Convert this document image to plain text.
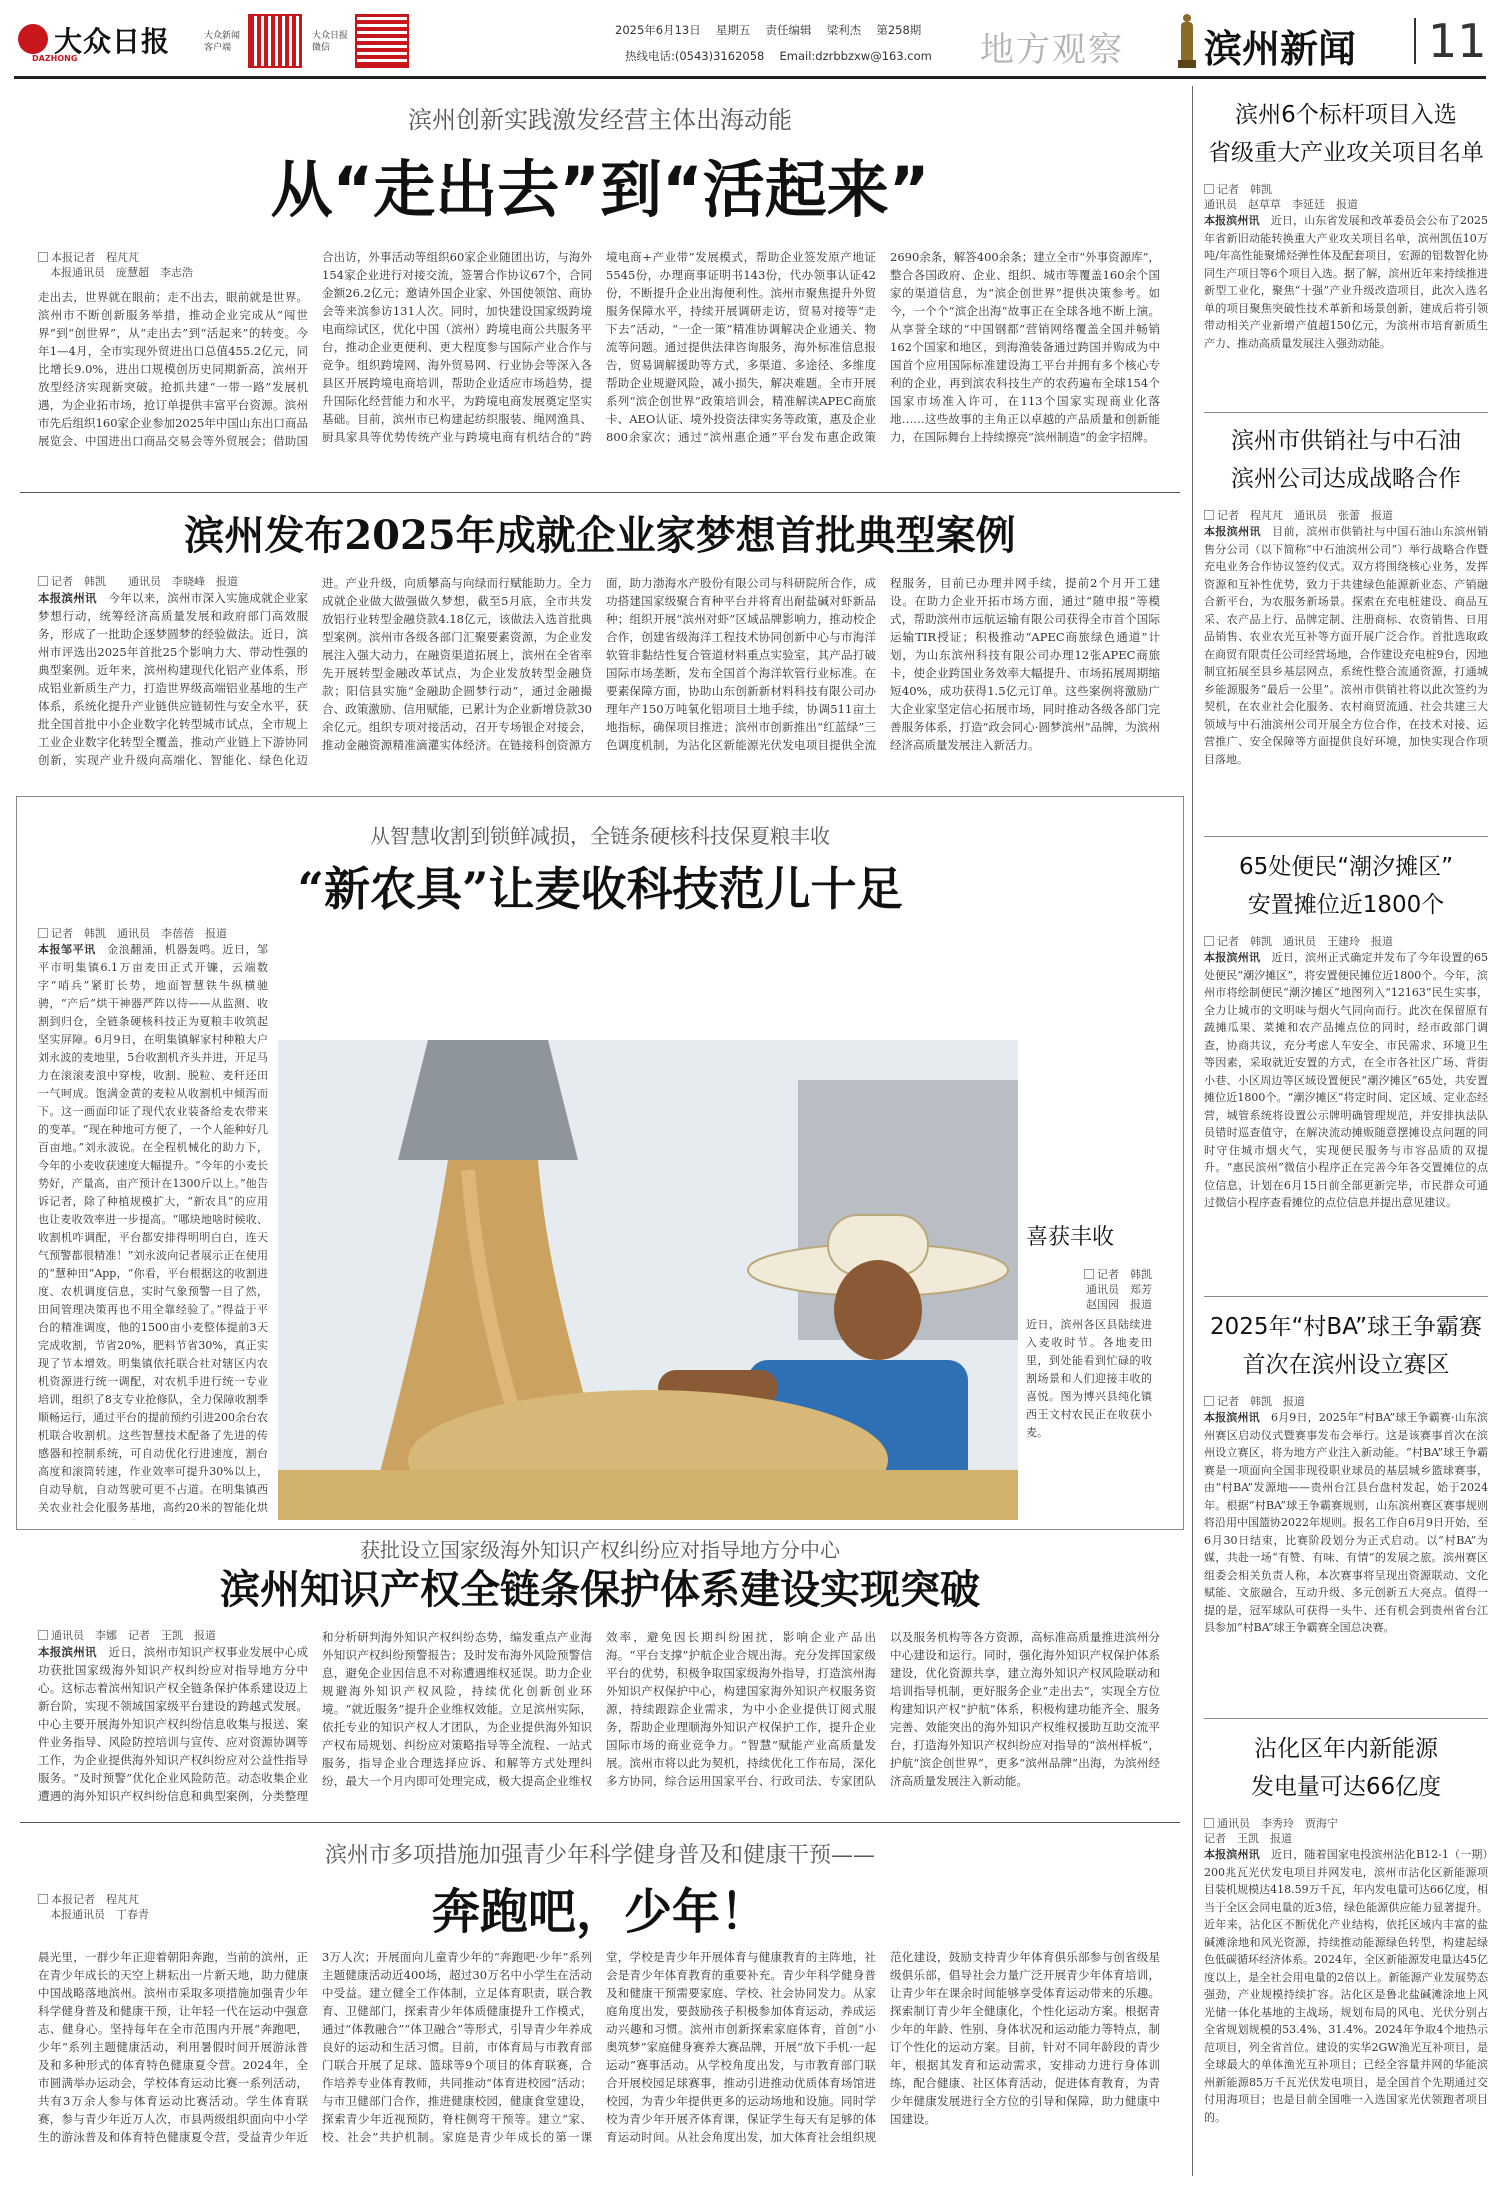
大众日报
DAZHONG
大众新闻
客户端
大众日报
微信
2025年6月13日　 星期五　 责任编辑　 梁利杰　 第258期
热线电话:(0543)3162058　 Email:dzrbbzxw@163.com 地方观察 滨州新闻 11
滨州创新实践激发经营主体出海动能
从“走出去”到“活起来”
本报记者　程芃芃
本报通讯员　庞慧超　李志浩
走出去，世界就在眼前；走不出去，眼前就是世界。滨州市不断创新服务举措，推动企业完成从“闯世界”到“创世界”，从“走出去”到“活起来”的转变。今年1—4月，全市实现外贸进出口总值455.2亿元，同比增长9.0%，进出口规模创历史同期新高，滨州开放型经济实现新突破。抢抓共建“一带一路”发展机遇，为企业拓市场，抢订单提供丰富平台资源。滨州市先后组织160家企业参加2025年中国山东出口商品展览会、中国进出口商品交易会等外贸展会；借助国合出访，外事活动等组织60家企业随团出访，与海外154家企业进行对接交流，签署合作协议67个，合同金额26.2亿元；邀请外国企业家、外国使领馆、商协会等来滨参访131人次。同时，加快建设国家级跨境电商综试区，优化中国（滨州）跨境电商公共服务平台，推动企业更便利、更大程度参与国际产业合作与竞争。组织跨境网、海外贸易网、行业协会等深入各县区开展跨境电商培训，帮助企业适应市场趋势，提升国际化经营能力和水平，为跨境电商发展奠定坚实基础。目前，滨州市已构建起纺织服装、绳网渔具、厨具家具等优势传统产业与跨境电商有机结合的“跨境电商+产业带”发展模式，帮助企业签发原产地证5545份，办理商事证明书143份，代办领事认证42份，不断提升企业出海便利性。滨州市聚焦提升外贸服务保障水平，持续开展调研走访，贸易对接等“走下去”活动，“一企一策”精准协调解决企业通关、物流等问题。通过提供法律咨询服务，海外标准信息报告，贸易调解援助等方式，多渠道、多途径、多维度帮助企业规避风险，减小损失，解决难题。全市开展系列“滨企创世界”政策培训会，精准解读APEC商旅卡、AEO认证、境外投资法律实务等政策，惠及企业800余家次；通过“滨州惠企通”平台发布惠企政策2690余条，解答400余条；建立全市“外事资源库”，整合各国政府、企业、组织、城市等覆盖160余个国家的渠道信息，为“滨企创世界”提供决策参考。如今，一个个“滨企出海”故事正在全球各地不断上演。从享誉全球的“中国钢都”营销网络覆盖全国并畅销162个国家和地区，到海渔装备通过跨国并购成为中国首个应用国际标准建设海工平台并拥有多个核心专利的企业，再到滨农科技生产的农药遍布全球154个国家市场准入许可，在113个国家实现商业化落地……这些故事的主角正以卓越的产品质量和创新能力，在国际舞台上持续擦亮“滨州制造”的金字招牌。
滨州发布2025年成就企业家梦想首批典型案例
记者　韩凯　　通讯员　李晓峰　报道
本报滨州讯　 今年以来，滨州市深入实施成就企业家梦想行动，统筹经济高质量发展和政府部门高效服务，形成了一批助企逐梦圆梦的经验做法。近日，滨州市评选出2025年首批25个影响力大、带动性强的典型案例。近年来，滨州构建现代化铝产业体系，形成铝业新质生产力，打造世界级高端铝业基地的生产体系，系统化提升产业链供应链韧性与安全水平，获批全国首批中小企业数字化转型城市试点，全市规上工业企业数字化转型全覆盖，推动产业链上下游协同创新，实现产业升级向高端化、智能化、绿色化迈进。产业升级，向质攀高与向绿而行赋能助力。全力成就企业做大做强做久梦想，截至5月底，全市共发放铝行业转型金融贷款4.18亿元，该做法入选首批典型案例。滨州市各级各部门汇聚要素资源，为企业发展注入强大动力，在融资渠道拓展上，滨州在全省率先开展转型金融改革试点，为企业发放转型金融贷款；阳信县实施“金融助企圆梦行动”，通过金融撮合、政策激励、信用赋能，已累计为企业新增贷款30余亿元。组织专项对接活动，召开专场银企对接会，推动金融资源精准滴灌实体经济。在链接科创资源方面，助力渤海水产股份有限公司与科研院所合作，成功搭建国家级聚合育种平台并将育出耐盐碱对虾新品种；组织开展“滨州对虾”区域品牌影响力，推动校企合作，创建省级海洋工程技术协同创新中心与市海洋软管非黏结性复合管道材料重点实验室，其产品打破国际市场垄断，发布全国首个海洋软管行业标准。在要素保障方面，协助山东创新新材料科技有限公司办理年产150万吨氧化铝项目土地手续，协调511亩土地指标，确保项目推进；滨州市创新推出“红蓝绿”三色调度机制，为沾化区新能源光伏发电项目提供全流程服务，目前已办理并网手续，提前2个月开工建设。在助力企业开拓市场方面，通过“随申报”等模式，帮助滨州市远航运输有限公司获得全市首个国际运输TIR授证；积极推动“APEC商旅绿色通道”计划，为山东滨州科技有限公司办理12张APEC商旅卡，使企业跨国业务效率大幅提升、市场拓展周期缩短40%，成功获得1.5亿元订单。这些案例将激励广大企业家坚定信心拓展市场，同时推动各级各部门完善服务体系，打造“政会同心·圆梦滨州”品牌，为滨州经济高质量发展注入新活力。
从智慧收割到锁鲜减损，全链条硬核科技保夏粮丰收
“新农具”让麦收科技范儿十足
记者　韩凯　通讯员　李蓓蓓　报道
本报邹平讯　 金浪翻涌，机器轰鸣。近日，邹平市明集镇6.1万亩麦田正式开镰，云端数字“哨兵”紧盯长势，地面智慧铁牛纵横驰骋，“产后”烘干神器严阵以待——从监测、收割到归仓，全链条硬核科技正为夏粮丰收筑起坚实屏障。6月9日，在明集镇解家村种粮大户刘永波的麦地里，5台收割机齐头并进，开足马力在滚滚麦浪中穿梭，收割、脱粒、麦秆还田一气呵成。饱满金黄的麦粒从收割机中倾泻而下。这一画面印证了现代农业装备给麦农带来的变革。“现在种地可方便了，一个人能种好几百亩地。”刘永波说。在全程机械化的助力下，今年的小麦收获速度大幅提升。“今年的小麦长势好，产量高，亩产预计在1300斤以上。”他告诉记者，除了种植规模扩大，“新农具”的应用也让麦收效率进一步提高。“哪块地啥时候收、收割机咋调配，平台都安排得明明白白，连天气预警都很精准！”刘永波向记者展示正在使用的“慧种田”App，“你看，平台根据这的收割进度、农机调度信息，实时气象预警一目了然，田间管理决策再也不用全靠经验了。”得益于平台的精准调度，他的1500亩小麦整体提前3天完成收割，节省20%，肥料节省30%，真正实现了节本增效。明集镇依托联合社对辖区内农机资源进行统一调配，对农机手进行统一专业培训，组织了8支专业抢修队，全力保障收割季顺畅运行，通过平台的提前预约引进200余台农机联合收割机。这些智慧技术配备了先进的传感器和控制系统，可自动优化行进速度，割台高度和滚筒转速，作业效率可提升30%以上，自动导航，自动驾驶可更不占道。在明集镇西关农业社会化服务基地，高约20米的智能化烘
喜获丰收
记者　韩凯
通讯员　郑芳
赵国园　报道
近日，滨州各区县陆续进入麦收时节。各地麦田里，到处能看到忙碌的收割场景和人们迎接丰收的喜悦。图为博兴县纯化镇西王文村农民正在收获小麦。
获批设立国家级海外知识产权纠纷应对指导地方分中心
滨州知识产权全链条保护体系建设实现突破
通讯员　李娜　记者　王凯　报道
本报滨州讯　 近日，滨州市知识产权事业发展中心成功获批国家级海外知识产权纠纷应对指导地方分中心。这标志着滨州知识产权全链条保护体系建设迈上新台阶，实现不领域国家级平台建设的跨越式发展。中心主要开展海外知识产权纠纷信息收集与报送、案件业务指导、风险防控培训与宣传、应对资源协调等工作，为企业提供海外知识产权纠纷应对公益性指导服务。“及时预警”优化企业风险防范。动态收集企业遭遇的海外知识产权纠纷信息和典型案例，分类整理和分析研判海外知识产权纠纷态势，编发重点产业海外知识产权纠纷预警报告；及时发布海外风险预警信息，避免企业因信息不对称遭遇维权延误。助力企业规避海外知识产权风险，持续优化创新创业环境。“就近服务”提升企业维权效能。立足滨州实际，依托专业的知识产权人才团队，为企业提供海外知识产权布局规划、纠纷应对策略指导等全流程、一站式服务，指导企业合理选择应诉、和解等方式处理纠纷，最大一个月内即可处理完成，极大提高企业维权效率，避免因长期纠纷困扰，影响企业产品出海。“平台支撑”护航企业合规出海。充分发挥国家级平台的优势，积极争取国家级海外指导，打造滨州海外知识产权保护中心，构建国家海外知识产权服务资源，持续跟踪企业需求，为中小企业提供订阅式服务，帮助企业理顺海外知识产权保护工作，提升企业国际市场的商业竞争力。“智慧”赋能产业高质量发展。滨州市将以此为契机，持续优化工作布局，深化多方协同，综合运用国家平台、行政司法、专家团队以及服务机构等各方资源，高标准高质量推进滨州分中心建设和运行。同时，强化海外知识产权保护体系建设，优化资源共享，建立海外知识产权风险联动和培训指导机制，更好服务企业“走出去”，实现全方位构建知识产权“护航”体系，积极构建功能齐全、服务完善、效能突出的海外知识产权维权援助互助交流平台，打造海外知识产权纠纷应对指导的“滨州样板”，护航“滨企创世界”，更多“滨州品牌”出海，为滨州经济高质量发展注入新动能。
滨州市多项措施加强青少年科学健身普及和健康干预——
奔跑吧，少年！
本报记者　程芃芃
本报通讯员　丁春青
晨光里，一群少年正迎着朝阳奔跑，当前的滨州，正在青少年成长的天空上耕耘出一片新天地，助力健康中国战略落地滨州。滨州市采取多项措施加强青少年科学健身普及和健康干预，让年轻一代在运动中强意志、健身心。坚持每年在全市范围内开展“奔跑吧，少年”系列主题健康活动，利用暑假时间开展游泳普及和多种形式的体育特色健康夏令营。2024年，全市圆满举办运动会，学校体育运动比赛一系列活动，共有3万余人参与体育运动比赛活动。学生体育联赛，参与青少年近万人次，市县两级组织面向中小学生的游泳普及和体育特色健康夏令营，受益青少年近3万人次；开展面向儿童青少年的“奔跑吧·少年”系列主题健康活动近400场，超过30万名中小学生在活动中受益。建立健全工作体制，立足体育职责，联合教育、卫健部门，探索青少年体质健康提升工作模式，通过“体教融合”“体卫融合”等形式，引导青少年养成良好的运动和生活习惯。目前，市体育局与市教育部门联合开展了足球、篮球等9个项目的体育联赛，合作培养专业体育教师，共同推动“体育进校园”活动；与市卫健部门合作，推进健康校园，健康食堂建设，探索青少年近视预防，脊柱侧弯干预等。建立“家、校、社会”共护机制。家庭是青少年成长的第一课堂，学校是青少年开展体育与健康教育的主阵地，社会是青少年体育教育的重要补充。青少年科学健身普及和健康干预需要家庭、学校、社会协同发力。从家庭角度出发，要鼓励孩子积极参加体育运动，养成运动兴趣和习惯。滨州市创新探索家庭体育，首创“小奥筑梦”家庭健身赛养大赛品牌，开展“放下手机·一起运动”赛事活动。从学校角度出发，与市教育部门联合开展校园足球赛事，推动引进推动优质体育场馆进校园，为青少年提供更多的运动场地和设施。同时学校为青少年开展齐体育课，保证学生每天有足够的体育运动时间。从社会角度出发，加大体育社会组织规范化建设，鼓励支持青少年体育俱乐部参与创省级星级俱乐部，倡导社会力量广泛开展青少年体育培训，让青少年在课余时间能够享受体育运动带来的乐趣。探索制订青少年全健康化，个性化运动方案。根据青少年的年龄、性别、身体状况和运动能力等特点，制订个性化的运动方案。目前，针对不同年龄段的青少年，根据其发育和运动需求，安排动力进行身体训练，配合健康、社区体育活动，促进体育教育，为青少年健康发展进行全方位的引导和保障，助力健康中国建设。
滨州6个标杆项目入选
省级重大产业攻关项目名单
记者　韩凯
通讯员　赵草草　李延廷　报道
本报滨州讯　 近日，山东省发展和改革委员会公布了2025年省新旧动能转换重大产业攻关项目名单，滨州凯伍10万吨/年高性能聚烯烃弹性体及配套项目，宏源的铝数智化协同生产项目等6个项目入选。据了解，滨州近年来持续推进新型工业化，聚焦“十强”产业升级改造项目，此次入选名单的项目聚焦突破性技术革新和场景创新，建成后将引领带动相关产业新增产值超150亿元，为滨州市培育新质生产力、推动高质量发展注入强劲动能。
滨州市供销社与中石油
滨州公司达成战略合作
记者　程芃芃　通讯员　张蕾　报道
本报滨州讯　 目前，滨州市供销社与中国石油山东滨州销售分公司（以下简称“中石油滨州公司”）举行战略合作暨充电业务合作协议签约仪式。双方将围绕核心业务，发挥资源和互补性优势，致力于共建绿色能源新业态、产销融合新平台，为农服务新场景。探索在充电桩建设、商品互采、农产品上行、品牌定制、注册商标、农资销售、日用品销售、农业农光互补等方面开展广泛合作。首批选取政在商贸有限责任公司经营场地，合作建设充电桩9台，因地制宜拓展至县乡基层网点，系统性整合流通资源，打通城乡能源服务“最后一公里”。滨州市供销社将以此次签约为契机，在农业社会化服务、农村商贸流通、社会共建三大领域与中石油滨州公司开展全方位合作，在技术对接、运营推广、安全保障等方面提供良好环境，加快实现合作项目落地。
65处便民“潮汐摊区”
安置摊位近1800个
记者　韩凯　通讯员　王建玲　报道
本报滨州讯　 近日，滨州正式确定并发布了今年设置的65处便民“潮汐摊区”，将安置便民摊位近1800个。今年，滨州市将绘制便民“潮汐摊区”地图列入“12163”民生实事，全力让城市的文明味与烟火气同向而行。此次在保留原有蔬摊瓜果、菜摊和农产品摊点位的同时，经市政部门调查，协商共议，充分考虑人车安全、市民需求、环境卫生等因素，采取就近安置的方式，在全市各社区广场、背街小巷、小区周边等区域设置便民“潮汐摊区”65处，共安置摊位近1800个。“潮汐摊区”将定时间、定区域、定业态经营，城管系统将设置公示牌明确管理规范，并安排执法队员错时巡查值守，在解决流动摊贩随意摆摊设点问题的同时守住城市烟火气，实现便民服务与市容品质的双提升。“惠民滨州”微信小程序正在完善今年各交置摊位的点位信息，计划在6月15日前全部更新完毕，市民群众可通过微信小程序查看摊位的点位信息并提出意见建议。
2025年“村BA”球王争霸赛
首次在滨州设立赛区
记者　韩凯　报道
本报滨州讯　 6月9日，2025年“村BA”球王争霸赛·山东滨州赛区启动仪式暨赛事发布会举行。这是该赛事首次在滨州设立赛区，将为地方产业注入新动能。“村BA”球王争霸赛是一项面向全国非现役职业球员的基层城乡篮球赛事，由“村BA”发源地——贵州台江县台盘村发起，始于2024年。根据“村BA”球王争霸赛规则，山东滨州赛区赛事规则将沿用中国篮协2022年规则。报名工作自6月9日开始，至6月30日结束，比赛阶段划分为正式启动。以“村BA”为媒，共赴一场“有赞、有味、有情”的发展之旅。滨州赛区组委会相关负责人称，本次赛事将呈现出资源联动、文化赋能、文旅融合，互动升级、多元创新五大亮点。值得一提的是，冠军球队可获得一头牛、还有机会到贵州省台江县参加“村BA”球王争霸赛全国总决赛。
沾化区年内新能源
发电量可达66亿度
通讯员　李秀玲　贾海宁
记者　王凯　报道
本报滨州讯　 近日，随着国家电投滨州沾化B12-1（一期）200兆瓦光伏发电项目并网发电，滨州市沾化区新能源项目装机规模达418.59万千瓦，年内发电量可达66亿度，相当于全区会同电量的近3倍，绿色能源供应能力显著提升。近年来，沾化区不断优化产业结构，依托区域内丰富的盐碱滩涂地和风光资源，持续推动能源绿色转型，构建起绿色低碳循环经济体系。2024年，全区新能源发电量达45亿度以上，是全社会用电量的2倍以上。新能源产业发展势态强劲，产业规模持续扩容。沾化区是鲁北盐碱滩涂地上风光储一体化基地的主战场，规划布局的风电、光伏分别占全省规划规模的53.4%、31.4%。2024年争取4个地热示范项目，列全省首位。建设的实华2GW渔光互补项目，是全球最大的单体渔光互补项目；已经全容量并网的华能滨州新能源85万千瓦光伏发电项目，是全国首个先期通过交付用海项目；也是目前全国唯一入选国家光伏领跑者项目的。
